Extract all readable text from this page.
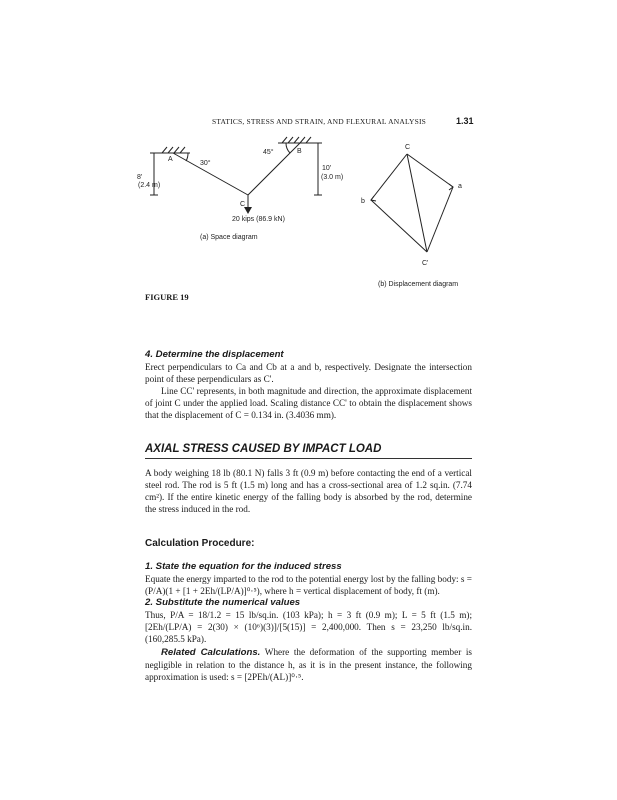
STATICS, STRESS AND STRAIN, AND FLEXURAL ANALYSIS	1.31
A
B
C
30°
45°
8'
(2.4 m)
10'
(3.0 m)
20 kips (86.9 kN)
(a) Space diagram
C
a
b
C'
(b) Displacement diagram
FIGURE 19
4. Determine the displacement
Erect perpendiculars to Ca and Cb at a and b, respectively. Designate the intersection point of these perpendiculars as C'.
Line CC' represents, in both magnitude and direction, the approximate displacement of joint C under the applied load. Scaling distance CC' to obtain the displacement shows that the displacement of C = 0.134 in. (3.4036 mm).
AXIAL STRESS CAUSED BY IMPACT LOAD
A body weighing 18 lb (80.1 N) falls 3 ft (0.9 m) before contacting the end of a vertical steel rod. The rod is 5 ft (1.5 m) long and has a cross-sectional area of 1.2 sq.in. (7.74 cm²). If the entire kinetic energy of the falling body is absorbed by the rod, determine the stress induced in the rod.
Calculation Procedure:
1. State the equation for the induced stress
Equate the energy imparted to the rod to the potential energy lost by the falling body: s = (P/A)(1 + [1 + 2Eh/(LP/A)]⁰·⁵), where h = vertical displacement of body, ft (m).
2. Substitute the numerical values
Thus, P/A = 18/1.2 = 15 lb/sq.in. (103 kPa); h = 3 ft (0.9 m); L = 5 ft (1.5 m); [2Eh/(LP/A) = 2(30) × (10⁶)(3)]/[5(15)] = 2,400,000. Then s = 23,250 lb/sq.in. (160,285.5 kPa).
Related Calculations. Where the deformation of the supporting member is negligible in relation to the distance h, as it is in the present instance, the following approximation is used: s = [2PEh/(AL)]⁰·⁵.
